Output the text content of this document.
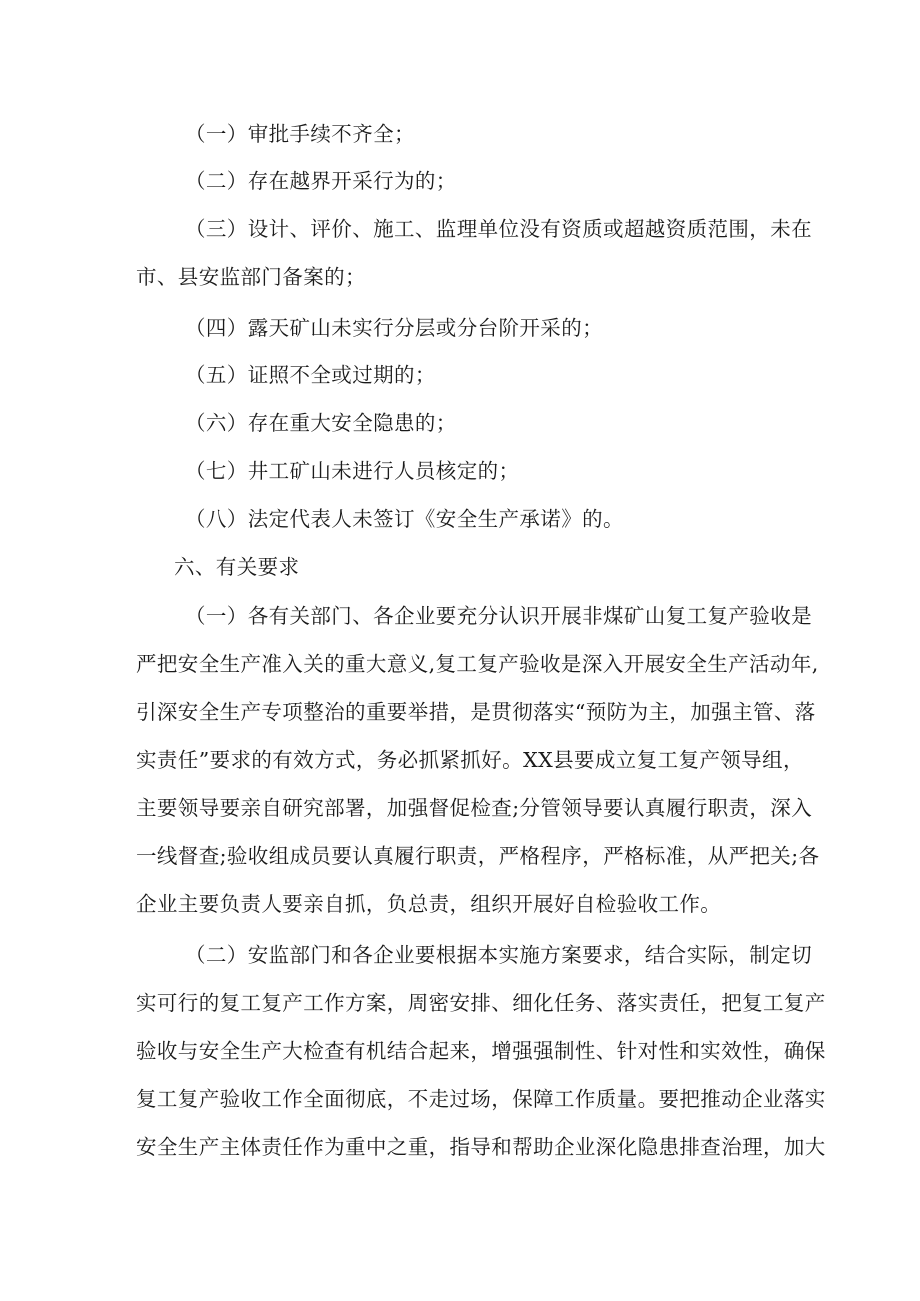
（一）审批手续不齐全；
（二）存在越界开采行为的；
（三）设计、评价、施工、监理单位没有资质或超越资质范围，未在
市、县安监部门备案的；
（四）露天矿山未实行分层或分台阶开采的；
（五）证照不全或过期的；
（六）存在重大安全隐患的；
（七）井工矿山未进行人员核定的；
（八）法定代表人未签订《安全生产承诺》的。
六、有关要求
（一）各有关部门、各企业要充分认识开展非煤矿山复工复产验收是
严把安全生产准入关的重大意义,复工复产验收是深入开展安全生产活动年,
引深安全生产专项整治的重要举措，是贯彻落实“预防为主，加强主管、落
实责任”要求的有效方式，务必抓紧抓好。XX县要成立复工复产领导组，
主要领导要亲自研究部署，加强督促检查;分管领导要认真履行职责，深入
一线督查;验收组成员要认真履行职责，严格程序，严格标准，从严把关;各
企业主要负责人要亲自抓，负总责，组织开展好自检验收工作。
（二）安监部门和各企业要根据本实施方案要求，结合实际，制定切
实可行的复工复产工作方案，周密安排、细化任务、落实责任，把复工复产
验收与安全生产大检查有机结合起来，增强强制性、针对性和实效性，确保
复工复产验收工作全面彻底，不走过场，保障工作质量。要把推动企业落实
安全生产主体责任作为重中之重，指导和帮助企业深化隐患排查治理，加大
